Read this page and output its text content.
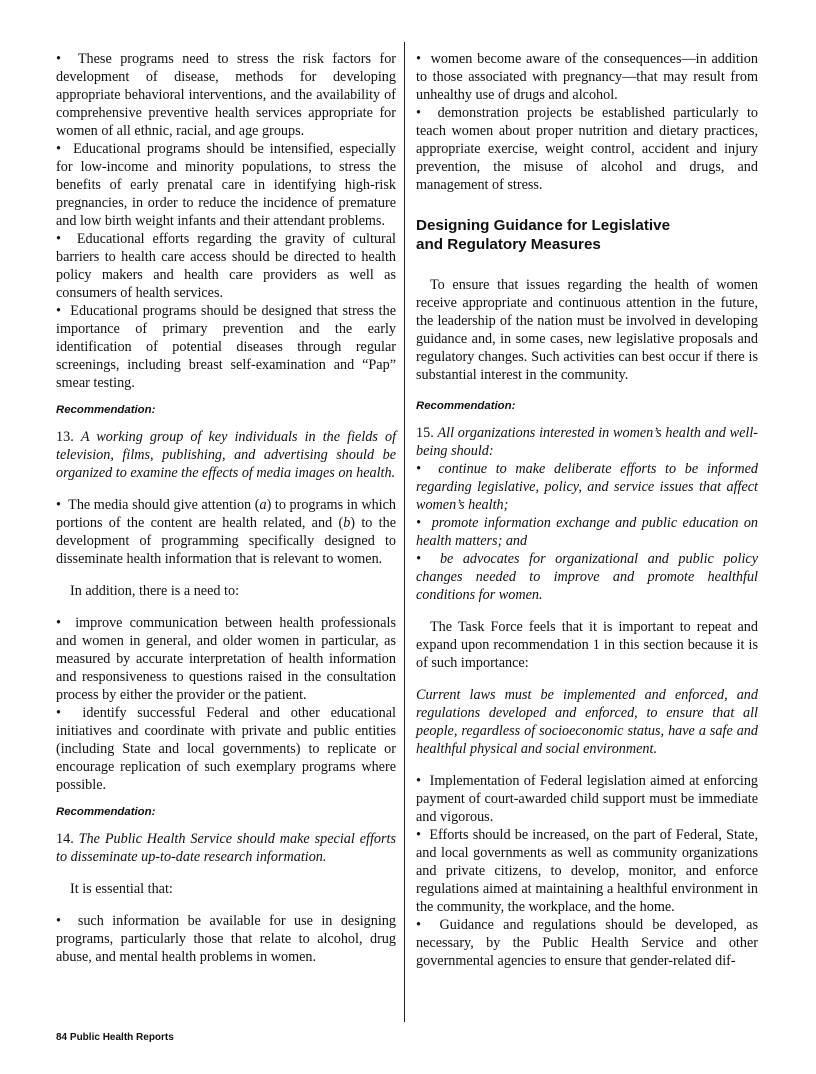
•  These programs need to stress the risk factors for development of disease, methods for developing appropriate behavioral interventions, and the availability of comprehensive preventive health services appropriate for women of all ethnic, racial, and age groups.

•  Educational programs should be intensified, especially for low-income and minority populations, to stress the benefits of early prenatal care in identifying high-risk pregnancies, in order to reduce the incidence of premature and low birth weight infants and their attendant problems.

•  Educational efforts regarding the gravity of cultural barriers to health care access should be directed to health policy makers and health care providers as well as consumers of health services.

•  Educational programs should be designed that stress the importance of primary prevention and the early identification of potential diseases through regular screenings, including breast self-examination and “Pap” smear testing.

Recommendation:

13. A working group of key individuals in the fields of television, films, publishing, and advertising should be organized to examine the effects of media images on health.

•  The media should give attention (a) to programs in which portions of the content are health related, and (b) to the development of programming specifically designed to disseminate health information that is relevant to women.

In addition, there is a need to:

•  improve communication between health professionals and women in general, and older women in particular, as measured by accurate interpretation of health information and responsiveness to questions raised in the consultation process by either the provider or the patient.

•  identify successful Federal and other educational initiatives and coordinate with private and public entities (including State and local governments) to replicate or encourage replication of such exemplary programs where possible.

Recommendation:

14. The Public Health Service should make special efforts to disseminate up-to-date research information.

It is essential that:

•  such information be available for use in designing programs, particularly those that relate to alcohol, drug abuse, and mental health problems in women.

•  women become aware of the consequences—in addition to those associated with pregnancy—that may result from unhealthy use of drugs and alcohol.

•  demonstration projects be established particularly to teach women about proper nutrition and dietary practices, appropriate exercise, weight control, accident and injury prevention, the misuse of alcohol and drugs, and management of stress.

Designing Guidance for Legislative
and Regulatory Measures

To ensure that issues regarding the health of women receive appropriate and continuous attention in the future, the leadership of the nation must be involved in developing guidance and, in some cases, new legislative proposals and regulatory changes. Such activities can best occur if there is substantial interest in the community.

Recommendation:

15. All organizations interested in women’s health and well-being should:

•  continue to make deliberate efforts to be informed regarding legislative, policy, and service issues that affect women’s health;

•  promote information exchange and public education on health matters; and

•  be advocates for organizational and public policy changes needed to improve and promote healthful conditions for women.

The Task Force feels that it is important to repeat and expand upon recommendation 1 in this section because it is of such importance:

Current laws must be implemented and enforced, and regulations developed and enforced, to ensure that all people, regardless of socioeconomic status, have a safe and healthful physical and social environment.

•  Implementation of Federal legislation aimed at enforcing payment of court-awarded child support must be immediate and vigorous.

•  Efforts should be increased, on the part of Federal, State, and local governments as well as community organizations and private citizens, to develop, monitor, and enforce regulations aimed at maintaining a healthful environment in the community, the workplace, and the home.

•  Guidance and regulations should be developed, as necessary, by the Public Health Service and other governmental agencies to ensure that gender-related dif-

84 Public Health Reports
